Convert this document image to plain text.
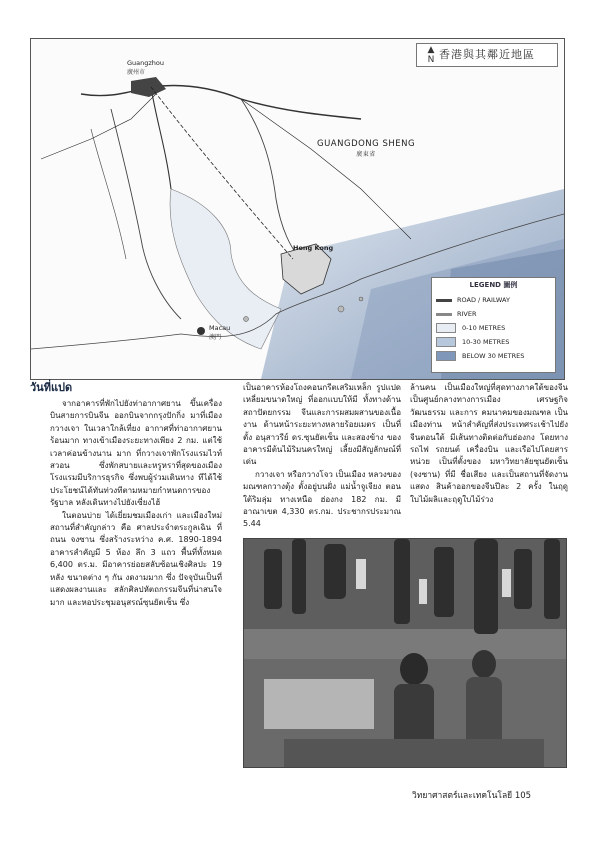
香港與其鄰近地區
▲
N
Guangzhou
廣州市
GUANGDONG SHENG
廣東省
Hong Kong
Macau
澳門
LEGEND 圖例
ROAD / RAILWAY
RIVER
0-10 METRES
10-30 METRES
BELOW 30 METRES
วันที่แปด

จากอาคารที่พักไปยังท่าอากาศยาน ขึ้นเครื่องบินสายการบินจีน ออกบินจากกรุงปักกิ่ง มาที่เมืองกวางเจา ในเวลาใกล้เที่ยง อากาศที่ท่าอากาศยานร้อนมาก ทางเข้าเมืองระยะทางเพียง 2 กม. แต่ใช้เวลาค่อนข้างนาน มาก ที่กวางเจาพักโรงแรมไวท์สวอน ซึ่งพักสบายและหรูหราที่สุดของเมือง โรงแรมมีบริการธุรกิจ ซึ่งพบผู้ร่วมเดินทาง ทีได้ใช้ประโยชน์ได้ทันท่วงทีตามหมายกำหนดการของรัฐบาล หลังเดินทางไปยังเซี่ยงไฮ้

ในตอนบ่าย ได้เยี่ยมชมเมืองเก่า และเมืองใหม่ สถานที่สำคัญกล่าว คือ ศาลประจำตระกูลเฉิน ที่ถนน จงซาน ซึ่งสร้างระหว่าง ค.ศ. 1890-1894 อาคารสำคัญมี 5 ห้อง ลึก 3 แถว พื้นที่ทั้งหมด 6,400 ตร.ม. มีอาคารย่อยสลับซ้อนเชิงศิลปะ 19 หลัง ขนาดต่าง ๆ กัน งดงามมาก ซึ่ง ปัจจุบันเป็นที่แสดงผลงานและ สลักศิลปหัตถกรรมจีนที่น่าสนใจมาก และหอประชุมอนุสรณ์ซุนยัตเซ็น ซึ่ง

เป็นอาคารห้องโถงคอนกรีตเสริมเหล็ก รูปแปดเหลี่ยมขนาดใหญ่ ที่ออกแบบให้มี ทั้งทางด้านสถาปัตยกรรม จีนและการผสมผสานของเนื้องาน ด้านหน้าระยะทางหลายร้อยเมตร เป็นที่ตั้ง อนุสาวรีย์ ดร.ซุนยัตเซ็น และสองข้าง ของอาคารมีต้นไม้ริมนครใหญ่ เลี้ยงมีสัญลักษณ์ที่เด่น

กวางเจา หรือกวางโจว เป็นเมือง หลวงของมณฑลกวางตุ้ง ตั้งอยู่บนฝั่ง แม่น้ำจูเจียง ตอนใต้ริมลุ่ม ทางเหนือ ฮ่องกง 182 กม. มีอาณาเขต 4,330 ตร.กม. ประชากรประมาณ 5.44

ล้านคน เป็นเมืองใหญ่ที่สุดทางภาคใต้ของจีน เป็นศูนย์กลางทางการเมือง เศรษฐกิจวัฒนธรรม และการ คมนาคมของมณฑล เป็นเมืองท่าน หน้าสำคัญที่ส่งประเทศระเช้าไปยัง จีนตอนใต้ มีเส้นทางติดต่อกับฮ่องกง โดยทางรถไฟ รถยนต์ เครื่องบิน และเรือไปโดยสารหน่วย เป็นที่ตั้งของ มหาวิทยาลัยซุนยัตเซ็น (จงซาน) ที่มี ชื่อเสียง และเป็นสถานที่จัดงานแสดง สินค้าออกของจีนปีละ 2 ครั้ง ในฤดู ใบไม้ผลิและฤดูใบไม้ร่วง

วิทยาศาสตร์และเทคโนโลยี 105
